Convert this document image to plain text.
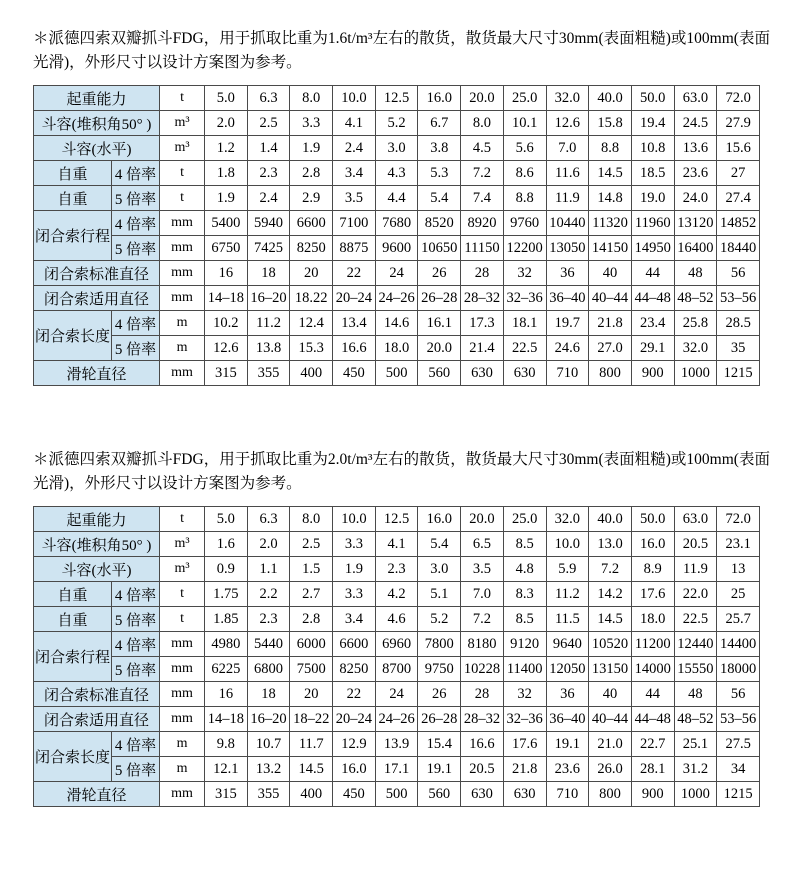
＊派德四索双瓣抓斗FDG，用于抓取比重为1.6t/m³左右的散货，散货最大尺寸30mm(表面粗糙)或100mm(表面光滑)，外形尺寸以设计方案图为参考。

起重能力		t	5.0	6.3	8.0	10.0	12.5	16.0	20.0	25.0	32.0	40.0	50.0	63.0	72.0
斗容(堆积角50° )		m³	2.0	2.5	3.3	4.1	5.2	6.7	8.0	10.1	12.6	15.8	19.4	24.5	27.9
斗容(水平)		m³	1.2	1.4	1.9	2.4	3.0	3.8	4.5	5.6	7.0	8.8	10.8	13.6	15.6
自重	4 倍率	t	1.8	2.3	2.8	3.4	4.3	5.3	7.2	8.6	11.6	14.5	18.5	23.6	27
自重	5 倍率	t	1.9	2.4	2.9	3.5	4.4	5.4	7.4	8.8	11.9	14.8	19.0	24.0	27.4
闭合索行程	4 倍率	mm	5400	5940	6600	7100	7680	8520	8920	9760	10440	11320	11960	13120	14852
	5 倍率	mm	6750	7425	8250	8875	9600	10650	11150	12200	13050	14150	14950	16400	18440
闭合索标准直径		mm	16	18	20	22	24	26	28	32	36	40	44	48	56
闭合索适用直径		mm	14–18	16–20	18.22	20–24	24–26	26–28	28–32	32–36	36–40	40–44	44–48	48–52	53–56
闭合索长度	4 倍率	m	10.2	11.2	12.4	13.4	14.6	16.1	17.3	18.1	19.7	21.8	23.4	25.8	28.5
	5 倍率	m	12.6	13.8	15.3	16.6	18.0	20.0	21.4	22.5	24.6	27.0	29.1	32.0	35
滑轮直径		mm	315	355	400	450	500	560	630	630	710	800	900	1000	1215

＊派德四索双瓣抓斗FDG，用于抓取比重为2.0t/m³左右的散货，散货最大尺寸30mm(表面粗糙)或100mm(表面光滑)，外形尺寸以设计方案图为参考。

起重能力		t	5.0	6.3	8.0	10.0	12.5	16.0	20.0	25.0	32.0	40.0	50.0	63.0	72.0
斗容(堆积角50° )		m³	1.6	2.0	2.5	3.3	4.1	5.4	6.5	8.5	10.0	13.0	16.0	20.5	23.1
斗容(水平)		m³	0.9	1.1	1.5	1.9	2.3	3.0	3.5	4.8	5.9	7.2	8.9	11.9	13
自重	4 倍率	t	1.75	2.2	2.7	3.3	4.2	5.1	7.0	8.3	11.2	14.2	17.6	22.0	25
自重	5 倍率	t	1.85	2.3	2.8	3.4	4.6	5.2	7.2	8.5	11.5	14.5	18.0	22.5	25.7
闭合索行程	4 倍率	mm	4980	5440	6000	6600	6960	7800	8180	9120	9640	10520	11200	12440	14400
	5 倍率	mm	6225	6800	7500	8250	8700	9750	10228	11400	12050	13150	14000	15550	18000
闭合索标准直径		mm	16	18	20	22	24	26	28	32	36	40	44	48	56
闭合索适用直径		mm	14–18	16–20	18–22	20–24	24–26	26–28	28–32	32–36	36–40	40–44	44–48	48–52	53–56
闭合索长度	4 倍率	m	9.8	10.7	11.7	12.9	13.9	15.4	16.6	17.6	19.1	21.0	22.7	25.1	27.5
	5 倍率	m	12.1	13.2	14.5	16.0	17.1	19.1	20.5	21.8	23.6	26.0	28.1	31.2	34
滑轮直径		mm	315	355	400	450	500	560	630	630	710	800	900	1000	1215
